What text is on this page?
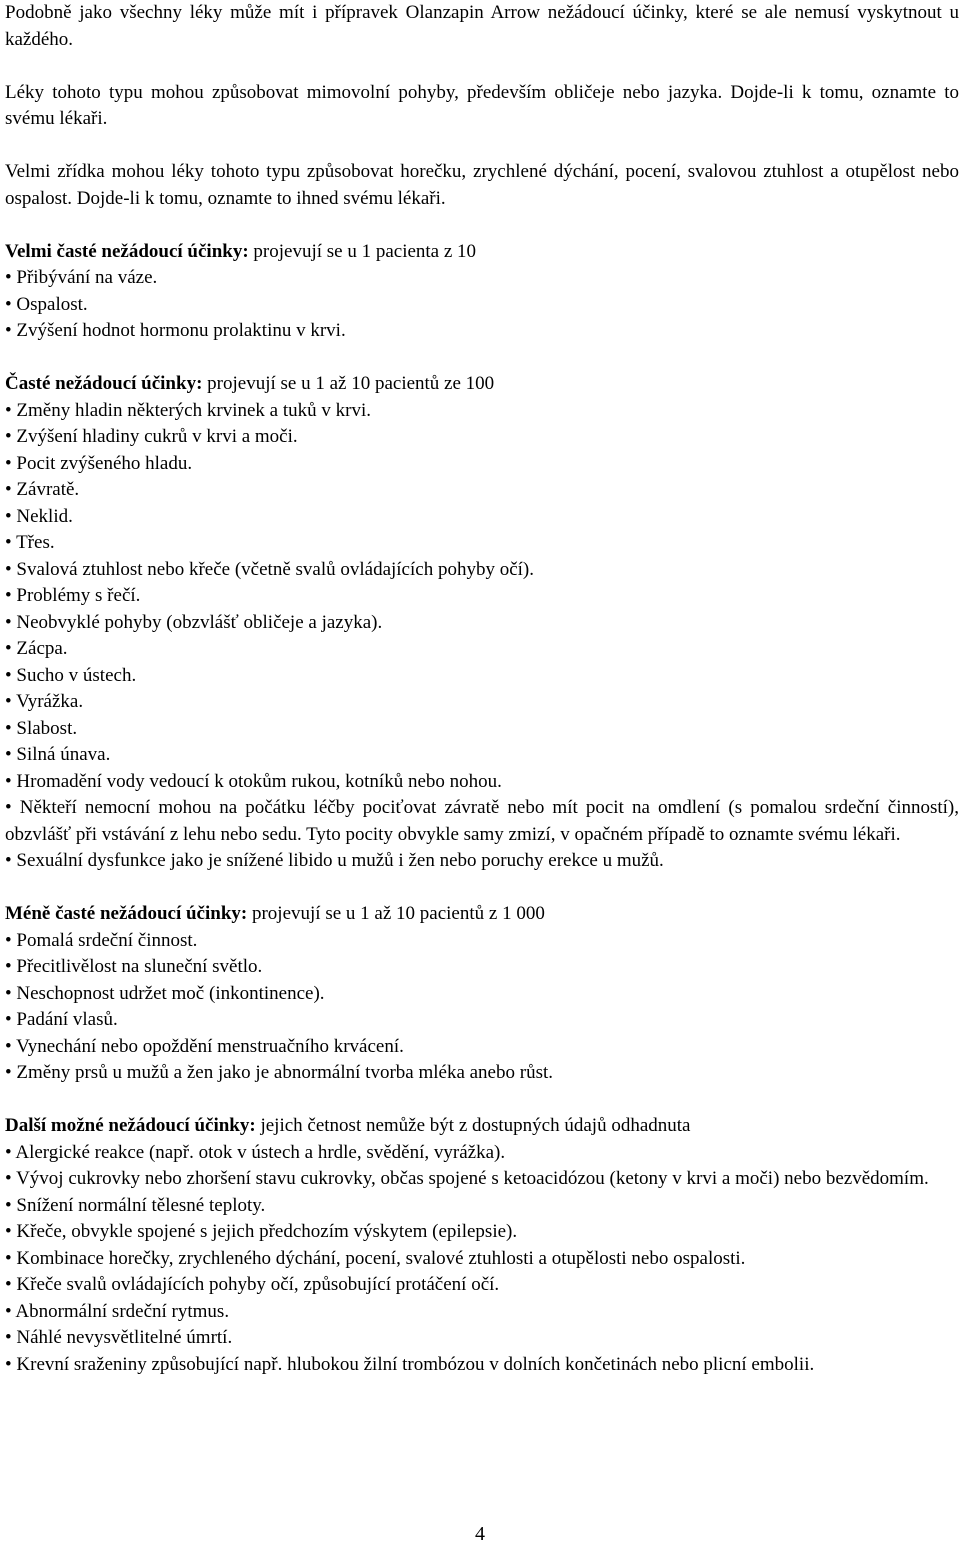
Podobně jako všechny léky může mít i přípravek Olanzapin Arrow nežádoucí účinky, které se ale nemusí vyskytnout u každého.

Léky tohoto typu mohou způsobovat mimovolní pohyby, především obličeje nebo jazyka. Dojde-li k tomu, oznamte to svému lékaři.

Velmi zřídka mohou léky tohoto typu způsobovat horečku, zrychlené dýchání, pocení, svalovou ztuhlost a otupělost nebo ospalost. Dojde-li k tomu, oznamte to ihned svému lékaři.

Velmi časté nežádoucí účinky: projevují se u 1 pacienta z 10

• Přibývání na váze.
• Ospalost.
• Zvýšení hodnot hormonu prolaktinu v krvi.

Časté nežádoucí účinky: projevují se u 1 až 10 pacientů ze 100

• Změny hladin některých krvinek a tuků v krvi.
• Zvýšení hladiny cukrů v krvi a moči.
• Pocit zvýšeného hladu.
• Závratě.
• Neklid.
• Třes.
• Svalová ztuhlost nebo křeče (včetně svalů ovládajících pohyby očí).
• Problémy s řečí.
• Neobvyklé pohyby (obzvlášť obličeje a jazyka).
• Zácpa.
• Sucho v ústech.
• Vyrážka.
• Slabost.
• Silná únava.
• Hromadění vody vedoucí k otokům rukou, kotníků nebo nohou.
• Někteří nemocní mohou na počátku léčby pociťovat závratě nebo mít pocit na omdlení (s pomalou srdeční činností), obzvlášť při vstávání z lehu nebo sedu. Tyto pocity obvykle samy zmizí, v opačném případě to oznamte svému lékaři.
• Sexuální dysfunkce jako je snížené libido u mužů i žen nebo poruchy erekce u mužů.

Méně časté nežádoucí účinky: projevují se u 1 až 10 pacientů z 1 000

• Pomalá srdeční činnost.
• Přecitlivělost na sluneční světlo.
• Neschopnost udržet moč (inkontinence).
• Padání vlasů.
• Vynechání nebo opoždění menstruačního krvácení.
• Změny prsů u mužů a žen jako je abnormální tvorba mléka anebo růst.

Další možné nežádoucí účinky: jejich četnost nemůže být z dostupných údajů odhadnuta

• Alergické reakce (např. otok v ústech a hrdle, svědění, vyrážka).
• Vývoj cukrovky nebo zhoršení stavu cukrovky, občas spojené s ketoacidózou (ketony v krvi a moči) nebo bezvědomím.
• Snížení normální tělesné teploty.
• Křeče, obvykle spojené s jejich předchozím výskytem (epilepsie).
• Kombinace horečky, zrychleného dýchání, pocení, svalové ztuhlosti a otupělosti nebo ospalosti.
• Křeče svalů ovládajících pohyby očí, způsobující protáčení očí.
• Abnormální srdeční rytmus.
• Náhlé nevysvětlitelné úmrtí.
• Krevní sraženiny způsobující např. hlubokou žilní trombózou v dolních končetinách nebo plicní embolii.
4
